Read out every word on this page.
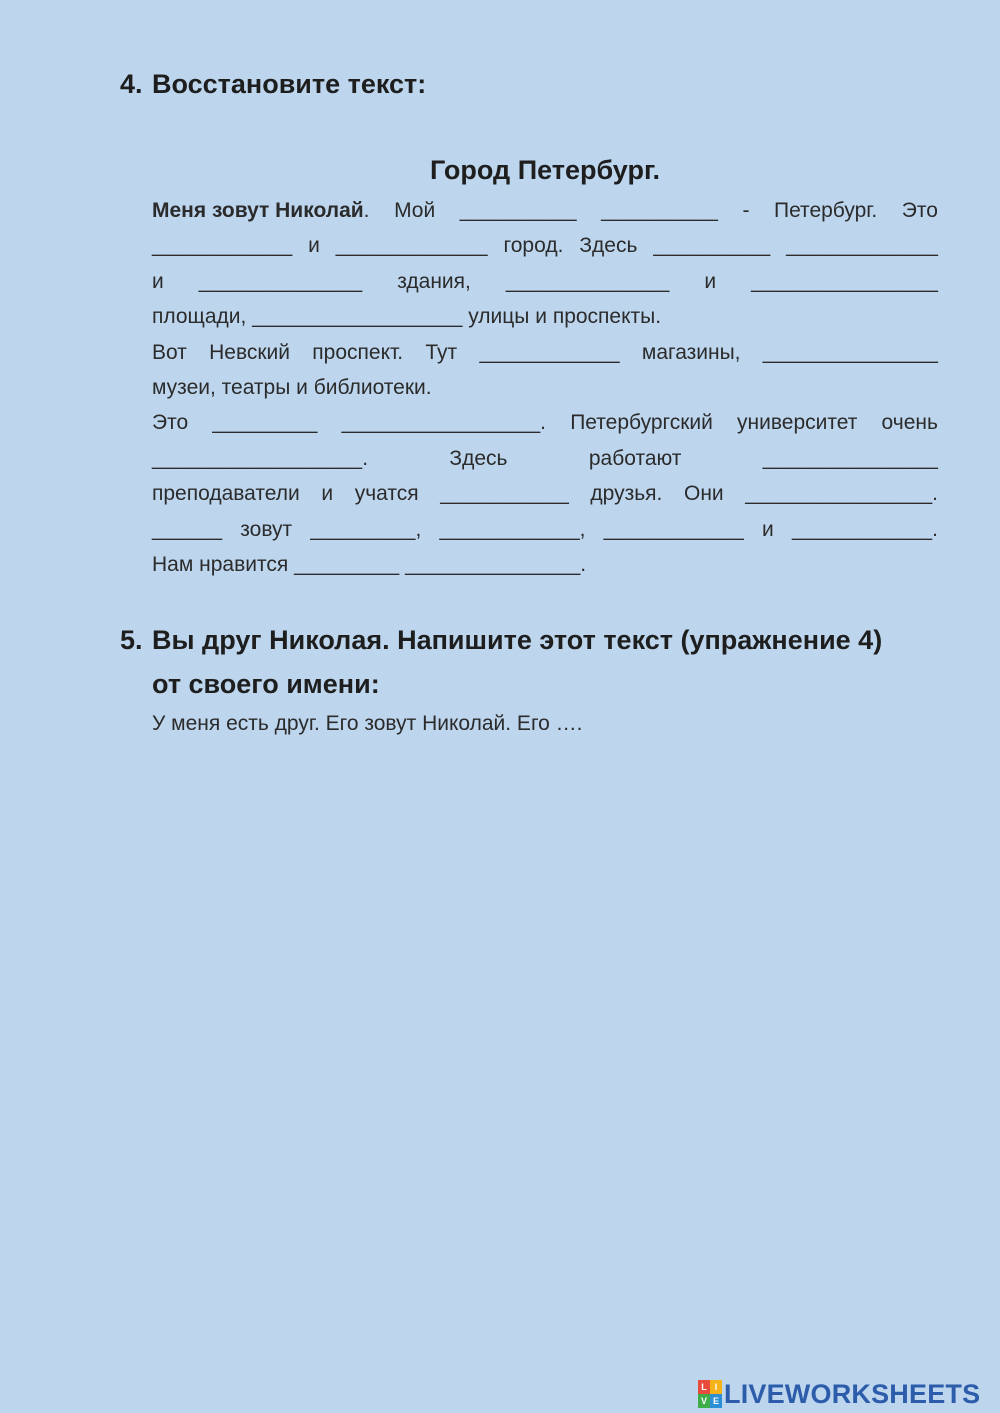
4. Восстановите текст:
Город Петербург.
Меня зовут Николай. Мой __________ __________ - Петербург. Это
____________ и _____________ город. Здесь __________ _____________
и ______________ здания, ______________ и ________________
площади, __________________ улицы и проспекты.
Вот Невский проспект. Тут ____________ магазины, _______________
музеи, театры и библиотеки.
Это _________ _________________. Петербургский университет очень
__________________.	Здесь	работают	_______________
преподаватели и учатся ___________ друзья. Они ________________.
______ зовут _________, ____________, ____________ и ____________.
Нам нравится _________ _______________.
5. Вы друг Николая. Напишите этот текст (упражнение 4)
от своего имени:
У меня есть друг. Его зовут Николай. Его ….
L I
V E LIVEWORKSHEETS
